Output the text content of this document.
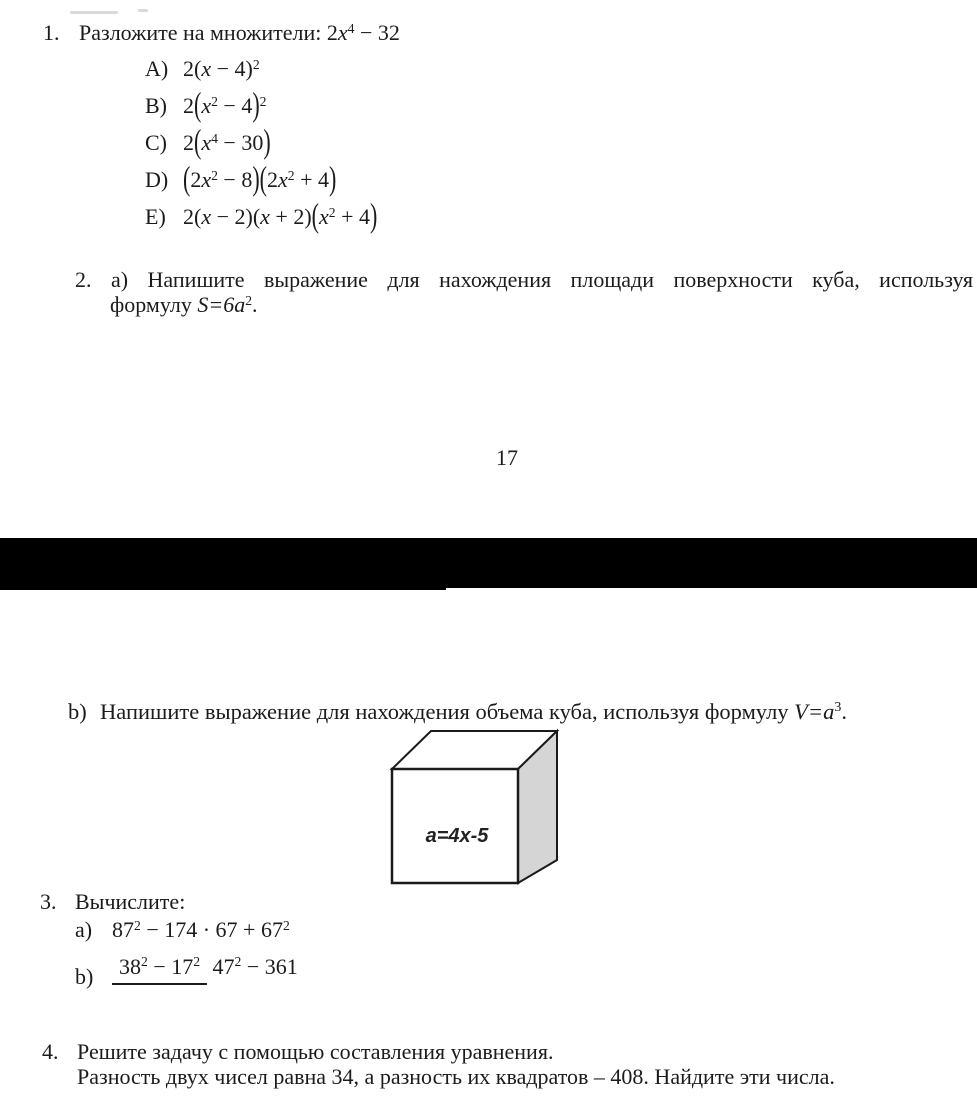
1. Разложите на множители: $2x^4 - 32$
A) $2(x - 4)^2$
B) $2(x^2 - 4)^2$
C) $2(x^4 - 30)$
D) $(2x^2 - 8)(2x^2 + 4)$
E) $2(x - 2)(x + 2)(x^2 + 4)$
2. а) Напишите выражение для нахождения площади поверхности куба, используя
формулу $S=6a^2$.
17
b) Напишите выражение для нахождения объема куба, используя формулу $V=a^3$.
a=4x-5
3. Вычислите:
a) $87^2 - 174 \cdot 67 + 67^2$
b)	$38^2 - 17^2$ $47^2 - 361$
4. Решите задачу с помощью составления уравнения.
Разность двух чисел равна 34, а разность их квадратов – 408. Найдите эти числа.
